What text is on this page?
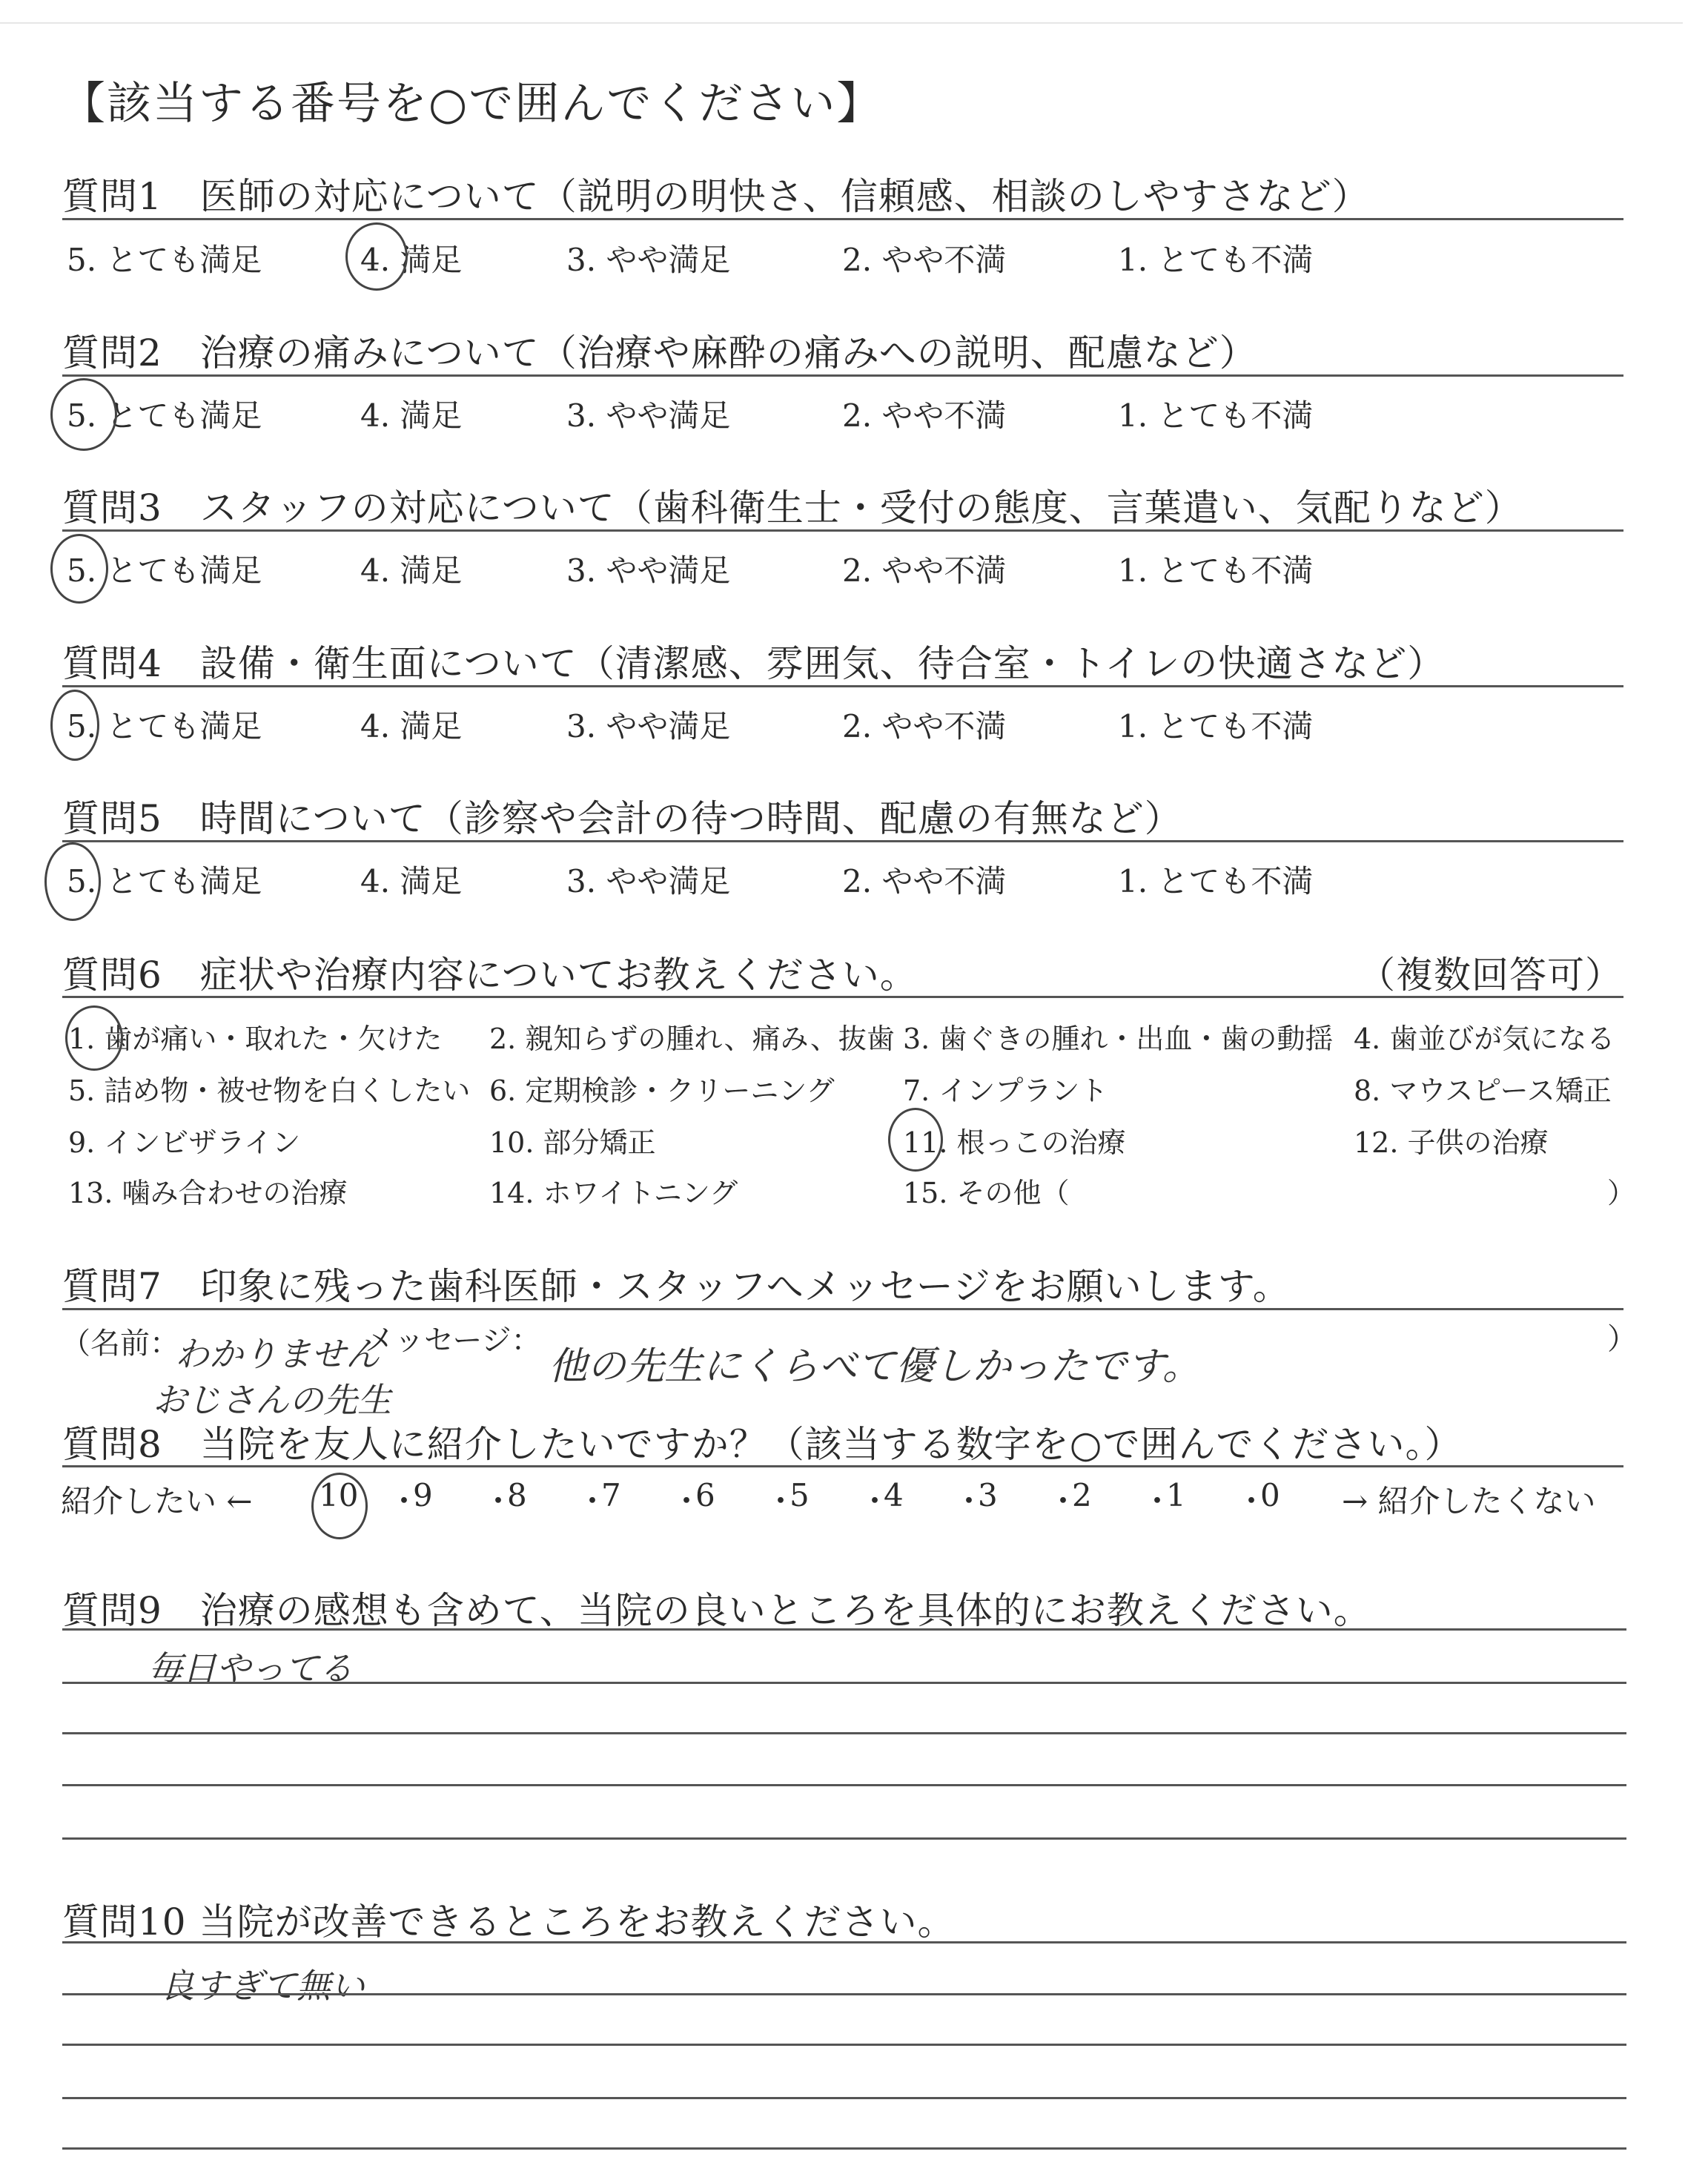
【該当する番号を○で囲んでください】
質問1　医師の対応について（説明の明快さ、信頼感、相談のしやすさなど）
5. とても満足	4. 満足	3. やや満足	2. やや不満	1. とても不満
質問2　治療の痛みについて（治療や麻酔の痛みへの説明、配慮など）
5. とても満足	4. 満足	3. やや満足	2. やや不満	1. とても不満
質問3　スタッフの対応について（歯科衛生士・受付の態度、言葉遣い、気配りなど）
5. とても満足	4. 満足	3. やや満足	2. やや不満	1. とても不満
質問4　設備・衛生面について（清潔感、雰囲気、待合室・トイレの快適さなど）
5. とても満足	4. 満足	3. やや満足	2. やや不満	1. とても不満
質問5　時間について（診察や会計の待つ時間、配慮の有無など）
5. とても満足	4. 満足	3. やや満足	2. やや不満	1. とても不満
質問6　症状や治療内容についてお教えください。	（複数回答可）
1. 歯が痛い・取れた・欠けた 2. 親知らずの腫れ、痛み、抜歯 3. 歯ぐきの腫れ・出血・歯の動揺 4. 歯並びが気になる
5. 詰め物・被せ物を白くしたい 6. 定期検診・クリーニング 7. インプラント	8. マウスピース矯正
9. インビザライン	10. 部分矯正	11. 根っこの治療	12. 子供の治療
13. 噛み合わせの治療	14. ホワイトニング	15. その他（	）
質問7　印象に残った歯科医師・スタッフへメッセージをお願いします。
（名前：
わかりません
おじさんの先生
メッセージ：
他の先生にくらべて優しかったです。
）
質問8　当院を友人に紹介したいですか？（該当する数字を○で囲んでください。）
紹介したい ← 10 ・
9 ・
8 ・
7 ・
6 ・
5 ・
4 ・
3 ・
2 ・
1 ・
0 → 紹介したくない
質問9　治療の感想も含めて、当院の良いところを具体的にお教えください。
毎日やってる
質問10 当院が改善できるところをお教えください。
良すぎて無い
